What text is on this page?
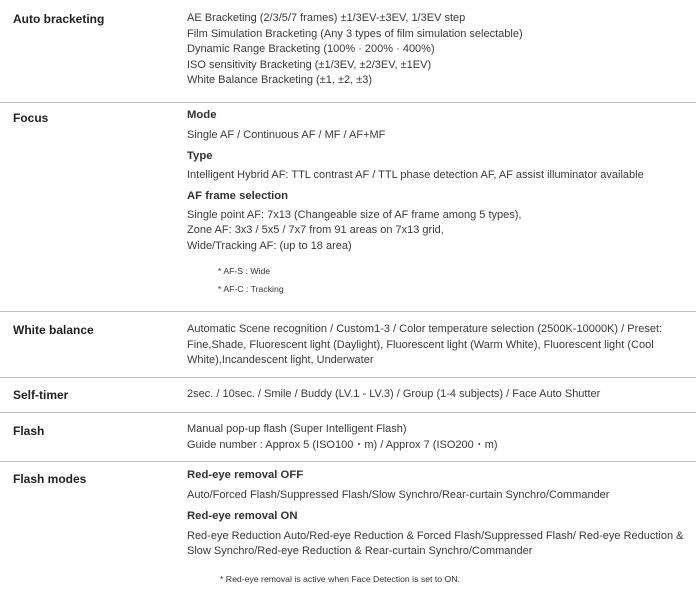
Auto bracketing	AE Bracketing (2/3/5/7 frames) ±1/3EV-±3EV, 1/3EV step

Film Simulation Bracketing (Any 3 types of film simulation selectable)

Dynamic Range Bracketing (100% · 200% · 400%)

ISO sensitivity Bracketing (±1/3EV, ±2/3EV, ±1EV)

White Balance Bracketing (±1, ±2, ±3)

Focus	Mode

Single AF / Continuous AF / MF / AF+MF

Type

Intelligent Hybrid AF: TTL contrast AF / TTL phase detection AF, AF assist illuminator available

AF frame selection

Single point AF: 7x13 (Changeable size of AF frame among 5 types),

Zone AF: 3x3 / 5x5 / 7x7 from 91 areas on 7x13 grid,

Wide/Tracking AF: (up to 18 area)

* AF-S : Wide

* AF-C : Tracking

White balance	Automatic Scene recognition / Custom1-3 / Color temperature selection (2500K-10000K) / Preset: Fine,Shade, Fluorescent light (Daylight), Fluorescent light (Warm White), Fluorescent light (Cool White),Incandescent light, Underwater

Self-timer	2sec. / 10sec. / Smile / Buddy (LV.1 - LV.3) / Group (1-4 subjects) / Face Auto Shutter

Flash	Manual pop-up flash (Super Intelligent Flash)

Guide number : Approx 5 (ISO100・m) / Approx 7 (ISO200・m)

Flash modes	Red-eye removal OFF

Auto/Forced Flash/Suppressed Flash/Slow Synchro/Rear-curtain Synchro/Commander

Red-eye removal ON

Red-eye Reduction Auto/Red-eye Reduction & Forced Flash/Suppressed Flash/ Red-eye Reduction & Slow Synchro/Red-eye Reduction & Rear-curtain Synchro/Commander

* Red-eye removal is active when Face Detection is set to ON.
